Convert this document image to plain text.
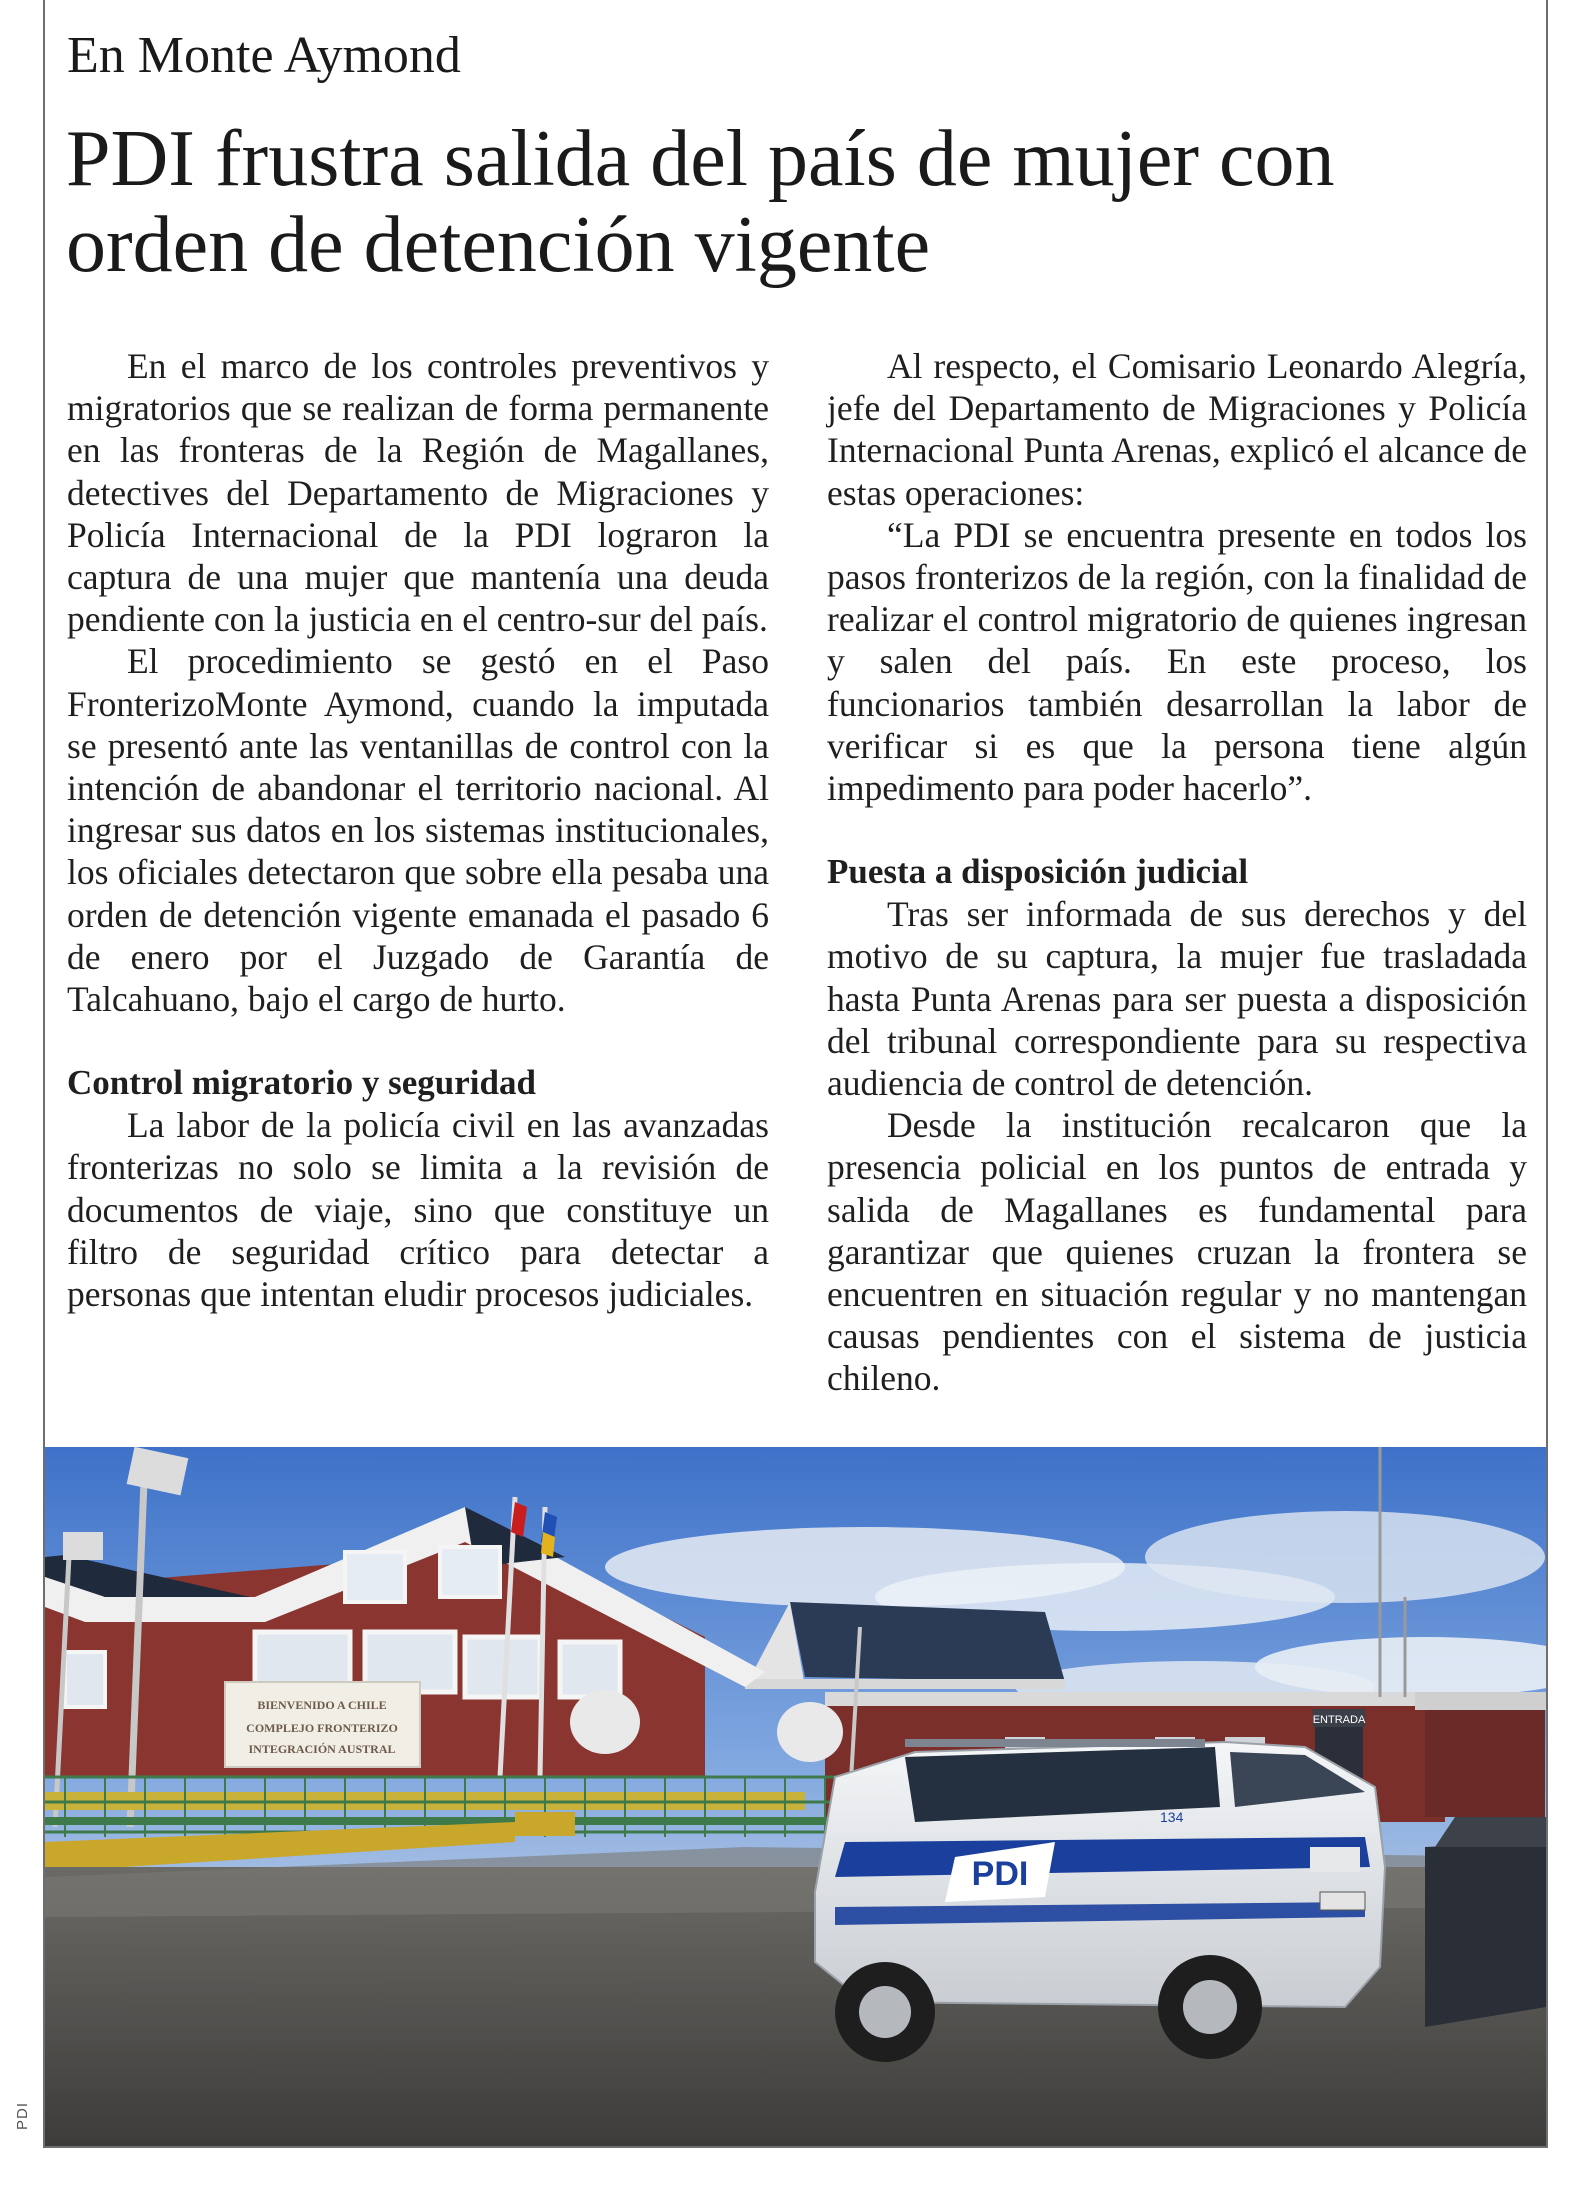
En Monte Aymond
PDI frustra salida del país de mujer con orden de detención vigente

En el marco de los controles preventivos y migratorios que se realizan de forma permanente en las fronteras de la Región de Magallanes, detectives del Departamento de Migraciones y Policía Internacional de la PDI lograron la captura de una mujer que mantenía una deuda pendiente con la justicia en el centro-sur del país.

El procedimiento se gestó en el Paso FronterizoMonte Aymond, cuando la imputada se presentó ante las ventanillas de control con la intención de abandonar el territorio nacional. Al ingresar sus datos en los sistemas institucionales, los oficiales detectaron que sobre ella pesaba una orden de detención vigente emanada el pasado 6 de enero por el Juzgado de Garantía de Talcahuano, bajo el cargo de hurto.

Control migratorio y seguridad

La labor de la policía civil en las avanzadas fronterizas no solo se limita a la revisión de documentos de viaje, sino que constituye un filtro de seguridad crítico para detectar a personas que intentan eludir procesos judiciales.

Al respecto, el Comisario Leonardo Alegría, jefe del Departamento de Migraciones y Policía Internacional Punta Arenas, explicó el alcance de estas operaciones:

“La PDI se encuentra presente en todos los pasos fronterizos de la región, con la finalidad de realizar el control migratorio de quienes ingresan y salen del país. En este proceso, los funcionarios también desarrollan la labor de verificar si es que la persona tiene algún impedimento para poder hacerlo”.

Puesta a disposición judicial

Tras ser informada de sus derechos y del motivo de su captura, la mujer fue trasladada hasta Punta Arenas para ser puesta a disposición del tribunal correspondiente para su respectiva audiencia de control de detención.

Desde la institución recalcaron que la presencia policial en los puntos de entrada y salida de Magallanes es fundamental para garantizar que quienes cruzan la frontera se encuentren en situación regular y no mantengan causas pendientes con el sistema de justicia chileno.

ENTRADA
BIENVENIDO A CHILE
COMPLEJO FRONTERIZO
INTEGRACIÓN AUSTRAL
PDI
134
PDI
